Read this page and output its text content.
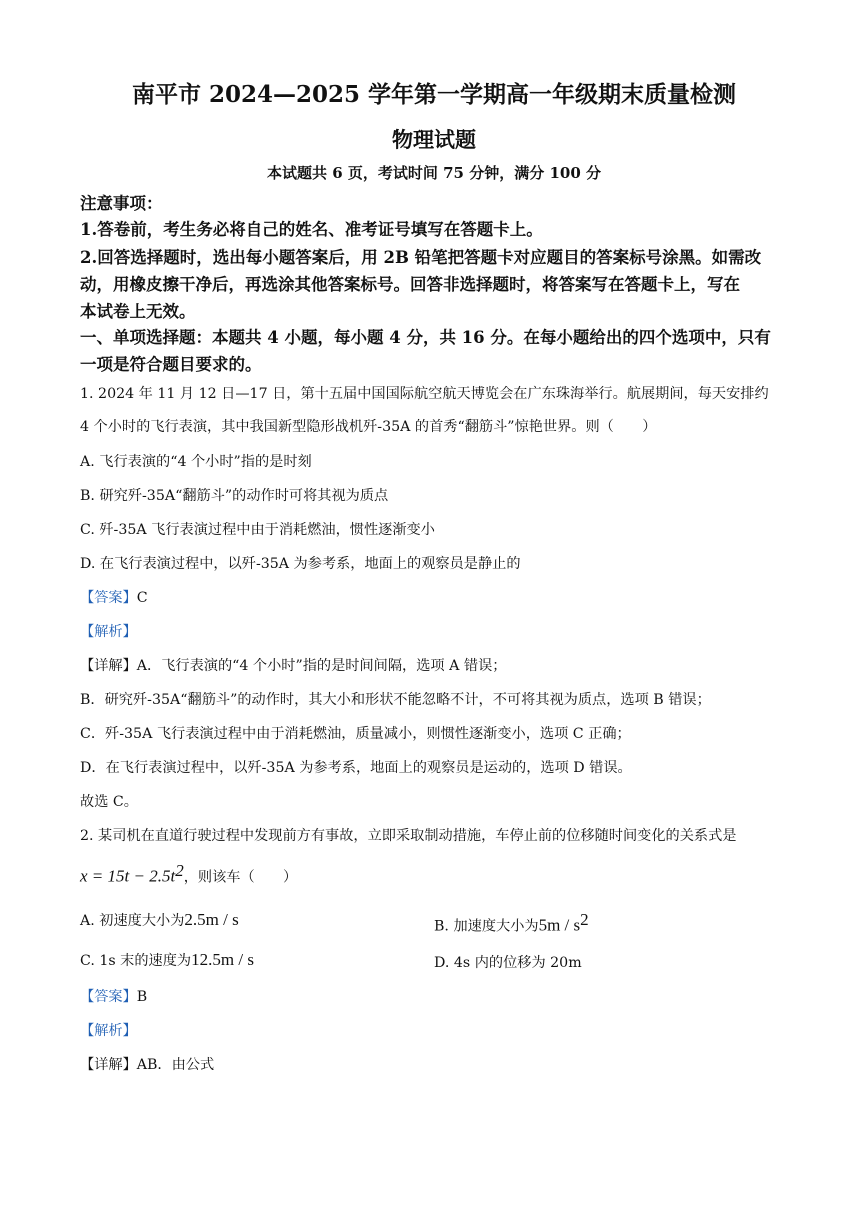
南平市 2024—2025 学年第一学期高一年级期末质量检测
物理试题
本试题共 6 页，考试时间 75 分钟，满分 100 分
注意事项：
1.答卷前，考生务必将自己的姓名、准考证号填写在答题卡上。
2.回答选择题时，选出每小题答案后，用 2B 铅笔把答题卡对应题目的答案标号涂黑。如需改
动，用橡皮擦干净后，再选涂其他答案标号。回答非选择题时，将答案写在答题卡上，写在
本试卷上无效。
一、单项选择题：本题共 4 小题，每小题 4 分，共 16 分。在每小题给出的四个选项中，只有
一项是符合题目要求的。
1. 2024 年 11 月 12 日—17 日，第十五届中国国际航空航天博览会在广东珠海举行。航展期间，每天安排约
4 个小时的飞行表演，其中我国新型隐形战机歼-35A 的首秀“翻筋斗”惊艳世界。则（　　）
A. 飞行表演的“4 个小时”指的是时刻
B. 研究歼-35A“翻筋斗”的动作时可将其视为质点
C. 歼-35A 飞行表演过程中由于消耗燃油，惯性逐渐变小
D. 在飞行表演过程中，以歼-35A 为参考系，地面上的观察员是静止的
【答案】C
【解析】
【详解】A．飞行表演的“4 个小时”指的是时间间隔，选项 A 错误；
B．研究歼-35A“翻筋斗”的动作时，其大小和形状不能忽略不计，不可将其视为质点，选项 B 错误；
C．歼-35A 飞行表演过程中由于消耗燃油，质量减小，则惯性逐渐变小，选项 C 正确；
D．在飞行表演过程中，以歼-35A 为参考系，地面上的观察员是运动的，选项 D 错误。
故选 C。
2. 某司机在直道行驶过程中发现前方有事故，立即采取制动措施，车停止前的位移随时间变化的关系式是
$x = 15t - 2.5t^2$，则该车（　　）
A. 初速度大小为2.5m / s	B. 加速度大小为$5m / s^2$
C. 1s 末的速度为12.5m / s	D. 4s 内的位移为 20m
【答案】B
【解析】
【详解】AB．由公式
